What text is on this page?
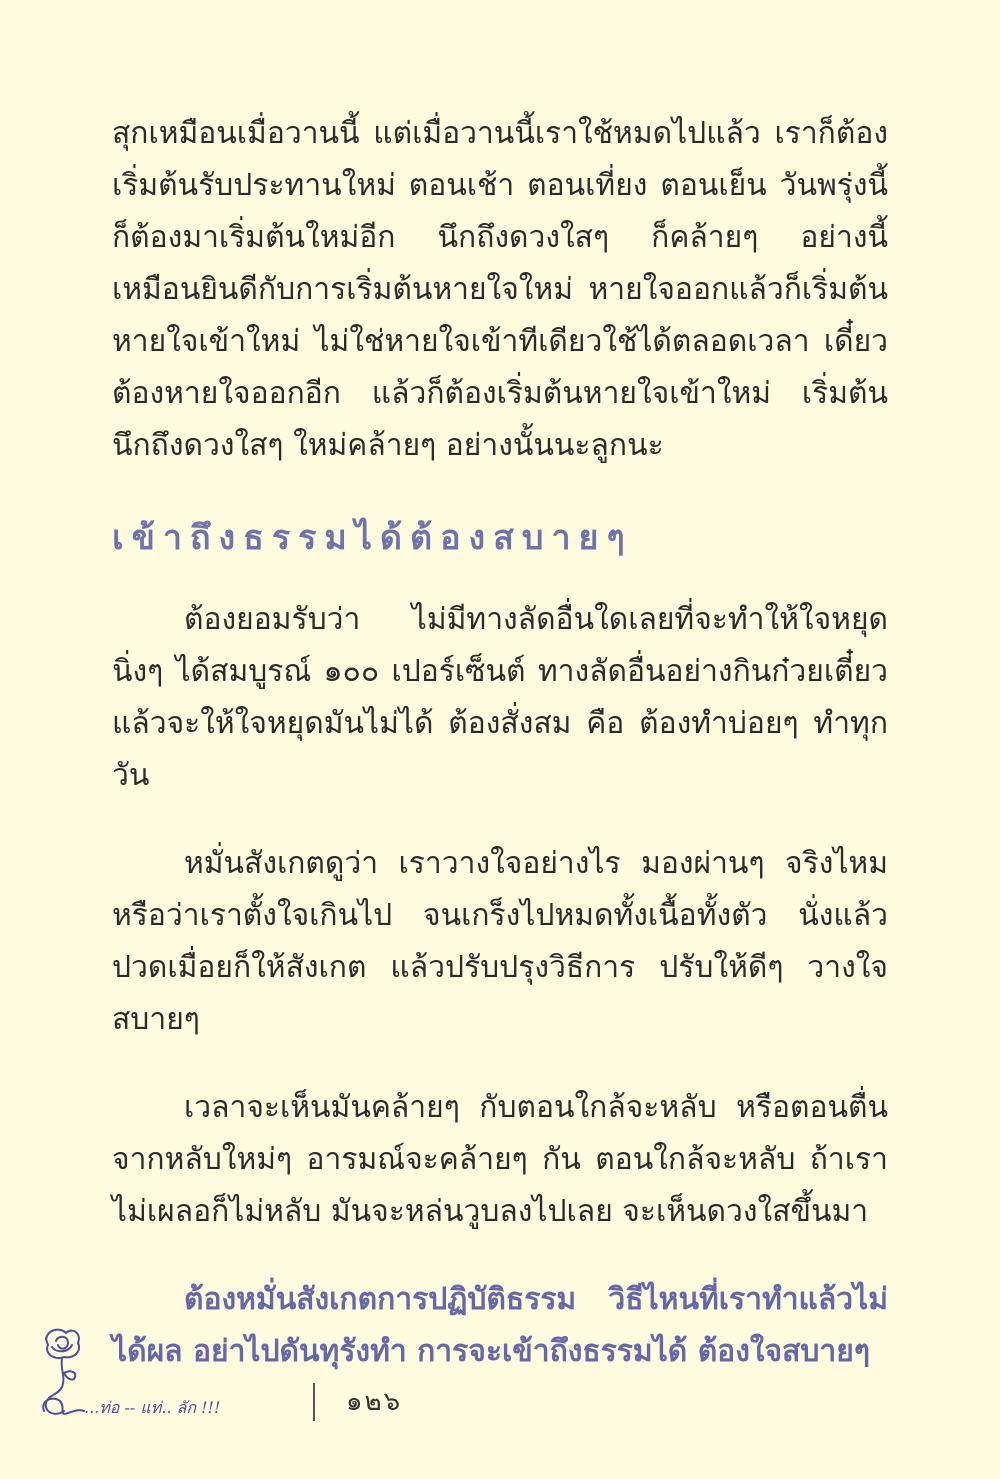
สุกเหมือนเมื่อวานนี้ แต่เมื่อวานนี้เราใช้หมดไปแล้ว เราก็ต้องเริ่มต้นรับประทานใหม่ ตอนเช้า ตอนเที่ยง ตอนเย็น วันพรุ่งนี้ก็ต้องมาเริ่มต้นใหม่อีก นึกถึงดวงใสๆ ก็คล้ายๆ อย่างนี้ เหมือนยินดีกับการเริ่มต้นหายใจใหม่ หายใจออกแล้วก็เริ่มต้นหายใจเข้าใหม่ ไม่ใช่หายใจเข้าทีเดียวใช้ได้ตลอดเวลา เดี๋ยวต้องหายใจออกอีก แล้วก็ต้องเริ่มต้นหายใจเข้าใหม่ เริ่มต้นนึกถึงดวงใสๆ ใหม่คล้ายๆ อย่างนั้นนะลูกนะ

เข้าถึงธรรมได้ต้องสบายๆ

ต้องยอมรับว่า ไม่มีทางลัดอื่นใดเลยที่จะทำให้ใจหยุดนิ่งๆ ได้สมบูรณ์ ๑๐๐ เปอร์เซ็นต์ ทางลัดอื่นอย่างกินก๋วยเตี๋ยวแล้วจะให้ใจหยุดมันไม่ได้ ต้องสั่งสม คือ ต้องทำบ่อยๆ ทำทุกวัน

หมั่นสังเกตดูว่า เราวางใจอย่างไร มองผ่านๆ จริงไหม หรือว่าเราตั้งใจเกินไป จนเกร็งไปหมดทั้งเนื้อทั้งตัว นั่งแล้วปวดเมื่อยก็ให้สังเกต แล้วปรับปรุงวิธีการ ปรับให้ดีๆ วางใจสบายๆ

เวลาจะเห็นมันคล้ายๆ กับตอนใกล้จะหลับ หรือตอนตื่นจากหลับใหม่ๆ อารมณ์จะคล้ายๆ กัน ตอนใกล้จะหลับ ถ้าเราไม่เผลอก็ไม่หลับ มันจะหล่นวูบลงไปเลย จะเห็นดวงใสขึ้นมา

ต้องหมั่นสังเกตการปฏิบัติธรรม วิธีไหนที่เราทำแล้วไม่ได้ผล อย่าไปดันทุรังทำ การจะเข้าถึงธรรมได้ ต้องใจสบายๆ

...ท่อ -- แท่.. ลัก !!!	๑๒๖
